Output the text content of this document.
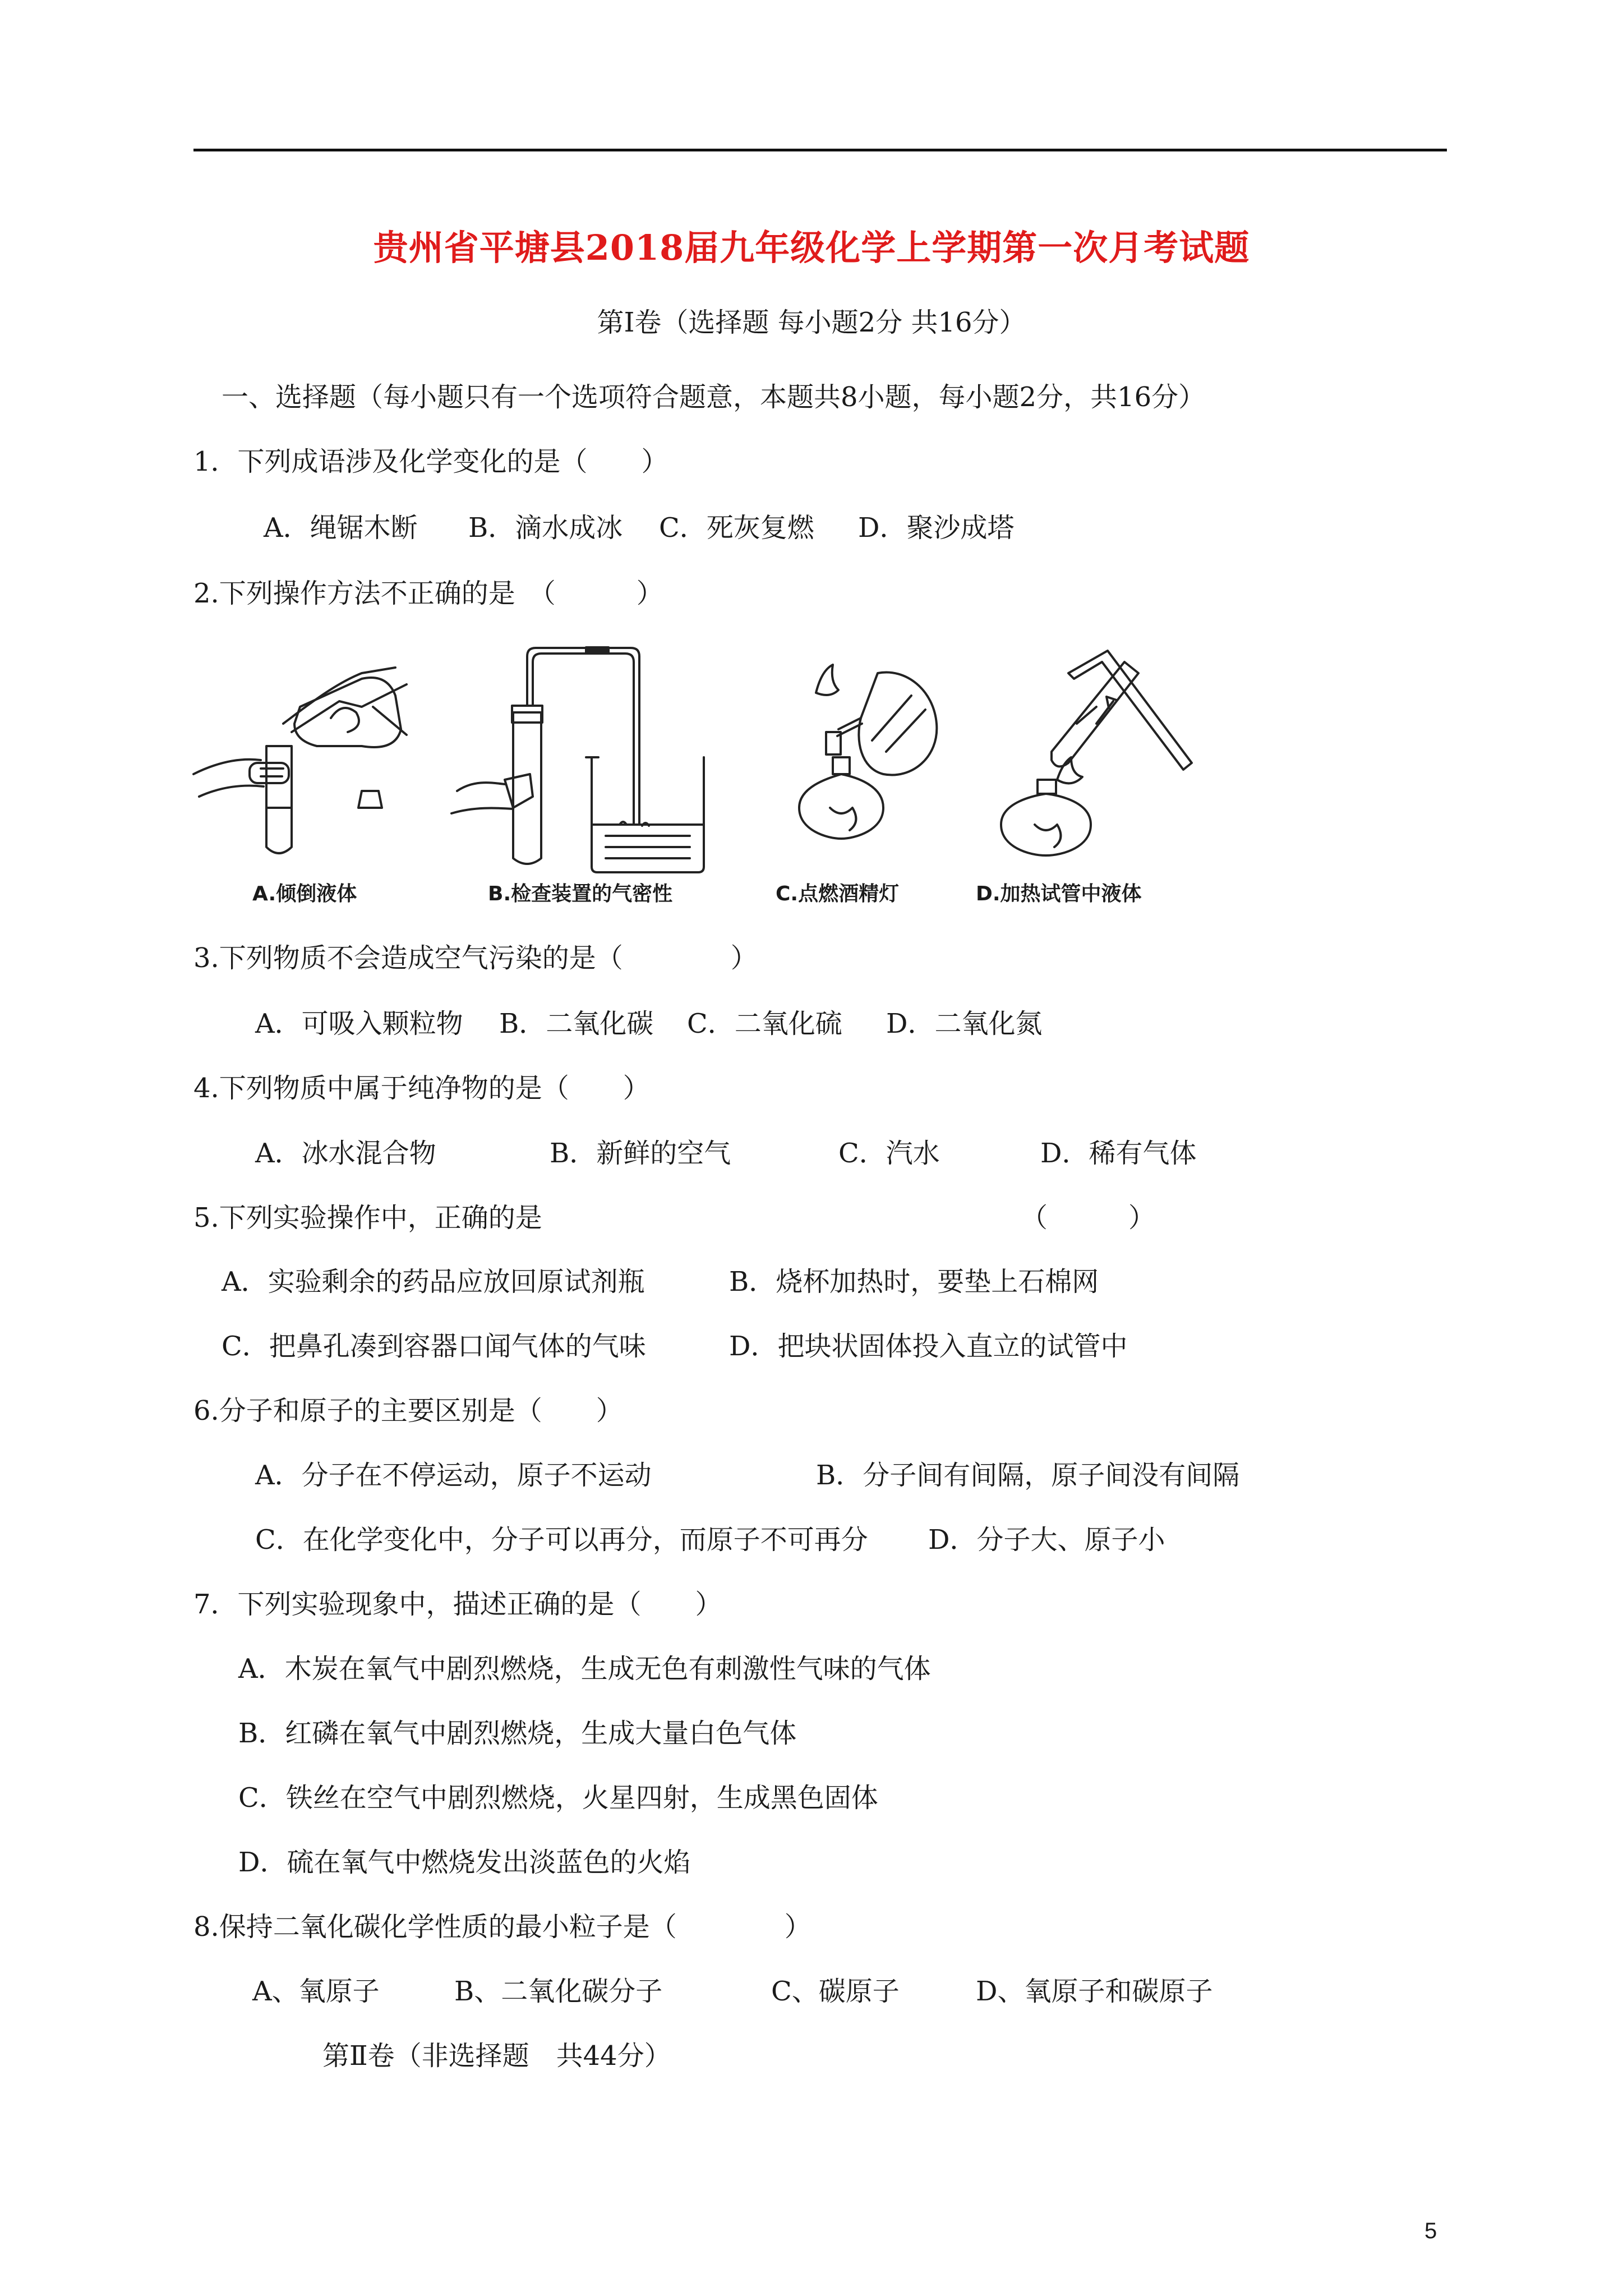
贵州省平塘县2018届九年级化学上学期第一次月考试题
第Ⅰ卷（选择题 每小题2分 共16分）
一、选择题（每小题只有一个选项符合题意，本题共8小题，每小题2分，共16分）
1．下列成语涉及化学变化的是（　　）
A．绳锯木断 B．滴水成冰 C．死灰复燃 D．聚沙成塔
2.下列操作方法不正确的是　（　　　）
A.倾倒液体	B.检查装置的气密性	C.点燃酒精灯	D.加热试管中液体
3.下列物质不会造成空气污染的是（　　　　）
A．可吸入颗粒物 B．二氧化碳 C．二氧化硫 D．二氧化氮
4.下列物质中属于纯净物的是（　　）
A．冰水混合物	B．新鲜的空气	C．汽水	D．稀有气体
5.下列实验操作中，正确的是	（　　　）
A．实验剩余的药品应放回原试剂瓶	B．烧杯加热时，要垫上石棉网
C．把鼻孔凑到容器口闻气体的气味	D．把块状固体投入直立的试管中
6.分子和原子的主要区别是（　　）
A．分子在不停运动，原子不运动	B．分子间有间隔，原子间没有间隔
C．在化学变化中，分子可以再分，而原子不可再分 D．分子大、原子小
7．下列实验现象中，描述正确的是（　　）
A．木炭在氧气中剧烈燃烧，生成无色有刺激性气味的气体
B．红磷在氧气中剧烈燃烧，生成大量白色气体
C．铁丝在空气中剧烈燃烧，火星四射，生成黑色固体
D．硫在氧气中燃烧发出淡蓝色的火焰
8.保持二氧化碳化学性质的最小粒子是（　　　　）
A、氧原子	B、二氧化碳分子	C、碳原子	D、氧原子和碳原子
第Ⅱ卷（非选择题　共44分）
5
